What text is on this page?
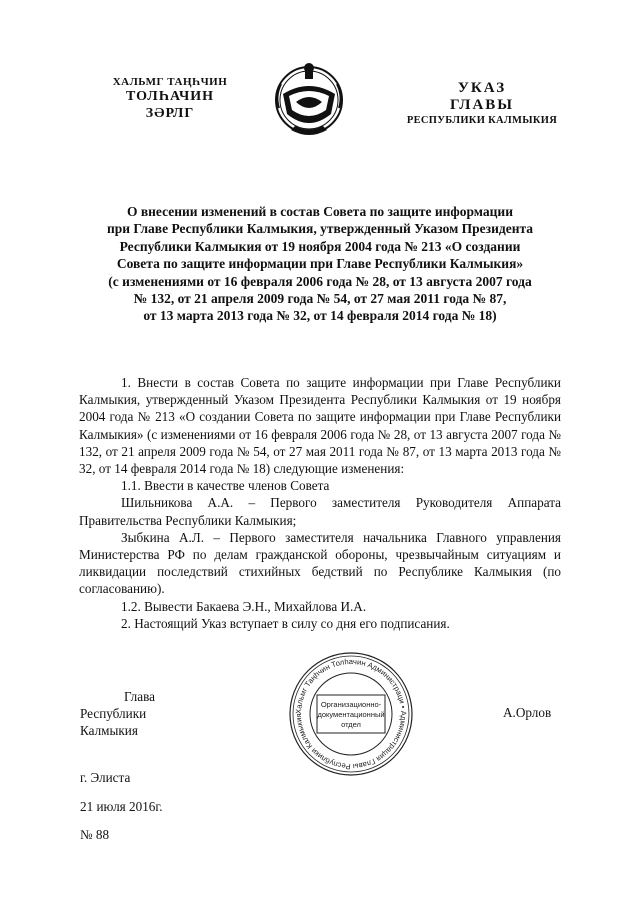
ХАЛЬМГ ТАҢҺЧИН
ТОЛҺАЧИН
ЗӘРЛГ
УКАЗ
ГЛАВЫ
РЕСПУБЛИКИ КАЛМЫКИЯ
О внесении изменений в состав Совета по защите информации
при Главе Республики Калмыкия, утвержденный Указом Президента
Республики Калмыкия от 19 ноября 2004 года № 213 «О создании
Совета по защите информации при Главе Республики Калмыкия»
(с изменениями от 16 февраля 2006 года № 28, от 13 августа 2007 года
№ 132, от 21 апреля 2009 года № 54, от 27 мая 2011 года № 87,
от 13 марта 2013 года № 32, от 14 февраля 2014 года № 18)

1. Внести в состав Совета по защите информации при Главе Республики Калмыкия, утвержденный Указом Президента Республики Калмыкия от 19 ноября 2004 года № 213 «О создании Совета по защите информации при Главе Республики Калмыкия» (с изменениями от 16 февраля 2006 года № 28, от 13 августа 2007 года № 132, от 21 апреля 2009 года № 54, от 27 мая 2011 года № 87, от 13 марта 2013 года № 32, от 14 февраля 2014 года № 18) следующие изменения:

1.1. Ввести в качестве членов Совета

Шильникова А.А. – Первого заместителя Руководителя Аппарата Правительства Республики Калмыкия;

Зыбкина А.Л. – Первого заместителя начальника Главного управления Министерства РФ по делам гражданской обороны, чрезвычайным ситуациям и ликвидации последствий стихийных бедствий по Республике Калмыкия (по согласованию).

1.2. Вывести Бакаева Э.Н., Михайлова И.А.

2. Настоящий Указ вступает в силу со дня его подписания.

Глава
Республики Калмыкия
Хальмг Таңһчин Толһачин Администраци • Администрация Главы Республики Калмыкия
Организационно-
документационный
отдел
А.Орлов
г. Элиста
21 июля 2016г.
№ 88
